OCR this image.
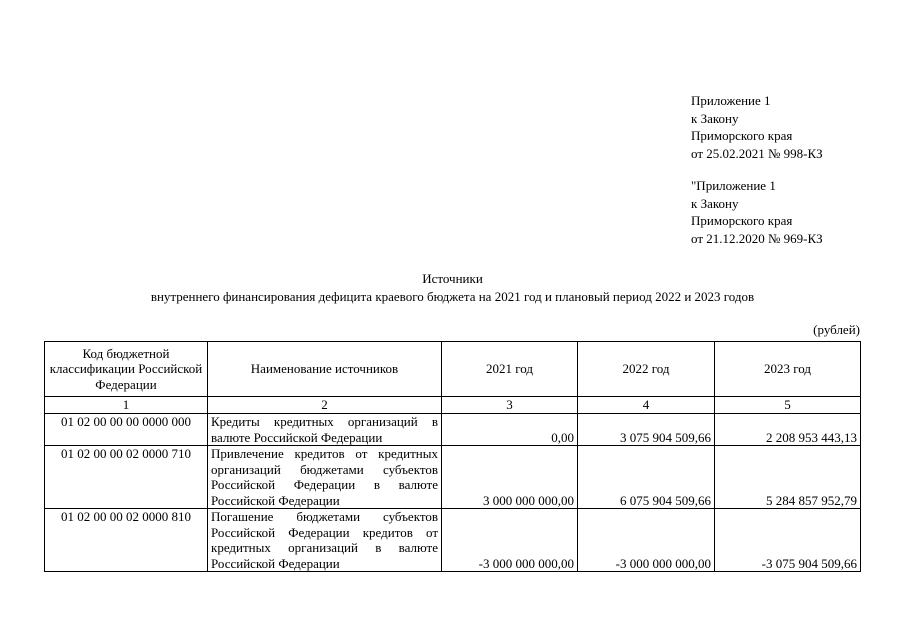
Приложение 1
к Закону
Приморского края
от 25.02.2021 № 998-КЗ
"Приложение 1
к Закону
Приморского края
от 21.12.2020 № 969-КЗ
Источники
внутреннего финансирования дефицита краевого бюджета на 2021 год и плановый период 2022 и 2023 годов
(рублей)
Код бюджетной классификации Российской Федерации	Наименование источников	2021 год	2022 год	2023 год
1	2	3	4	5
01 02 00 00 00 0000 000	Кредиты кредитных организаций в валюте Российской Федерации	0,00	3 075 904 509,66	2 208 953 443,13
01 02 00 00 02 0000 710	Привлечение кредитов от кредитных организаций бюджетами субъектов Российской Федерации в валюте Российской Федерации	3 000 000 000,00	6 075 904 509,66	5 284 857 952,79
01 02 00 00 02 0000 810	Погашение бюджетами субъектов Российской Федерации кредитов от кредитных организаций в валюте Российской Федерации	-3 000 000 000,00	-3 000 000 000,00	-3 075 904 509,66
